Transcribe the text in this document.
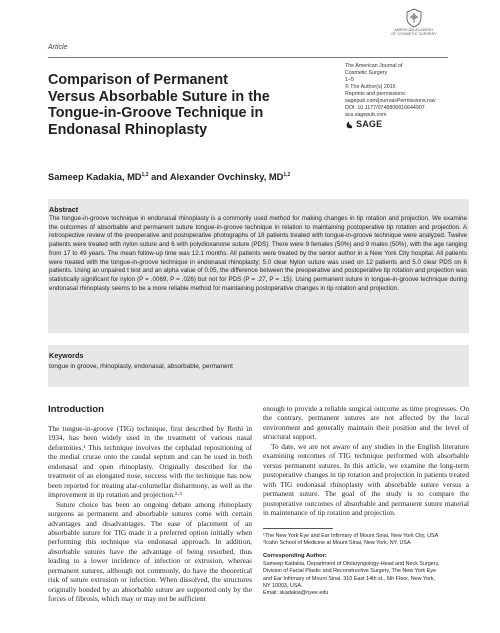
Article
AMERICAN ACADEMY
OF COSMETIC SURGERY
Comparison of Permanent Versus Absorbable Suture in the Tongue-in-Groove Technique in Endonasal Rhinoplasty
The American Journal of
Cosmetic Surgery
1–5
© The Author(s) 2016
Reprints and permissions:
sagepub.com/journalsPermissions.nav
DOI: 10.1177/0748806816644907
acs.sagepub.com
SAGE
Sameep Kadakia, MD$^{1,2}$ and Alexander Ovchinsky, MD$^{1,2}$
Abstract
The tongue-in-groove technique in endonasal rhinoplasty is a commonly used method for making changes in tip rotation and projection. We examine the outcomes of absorbable and permanent suture tongue-in-groove technique in relation to maintaining postoperative tip rotation and projection. A retrospective review of the preoperative and postoperative photographs of 18 patients treated with tongue-in-groove technique were analyzed. Twelve patients were treated with nylon suture and 6 with polydioxanone suture (PDS). There were 9 females (50%) and 9 males (50%), with the age ranging from 17 to 49 years. The mean follow-up time was 12.1 months. All patients were treated by the senior author in a New York City hospital. All patients were treated with the tongue-in-groove technique in endonasal rhinoplasty; 5.0 clear Nylon suture was used on 12 patients and 5.0 clear PDS on 6 patients. Using an unpaired t test and an alpha value of 0.05, the difference between the preoperative and postoperative tip rotation and projection was statistically significant for nylon (P = .0069, P = .026) but not for PDS (P = .27, P = .15). Using permanent suture in tongue-in-groove technique during endonasal rhinoplasty seems to be a more reliable method for maintaining postoperative changes in tip rotation and projection.
Keywords
tongue in groove, rhinoplasty, endonasal, absorbable, permanent
Introduction

The tongue-in-groove (TIG) technique, first described by Rethi in 1934, has been widely used in the treatment of various nasal deformities.¹ This technique involves the cephalad repositioning of the medial crurae onto the caudal septum and can be used in both endonasal and open rhinoplasty. Originally described for the treatment of an elongated nose, success with the technique has now been reported for treating alar-columellar disharmony, as well as the improvement in tip rotation and projection.²·³

Suture choice has been an ongoing debate among rhinoplasty surgeons as permanent and absorbable sutures come with certain advantages and disadvantages. The ease of placement of an absorbable suture for TIG made it a preferred option initially when performing this technique via endonasal approach. In addition, absorbable sutures have the advantage of being resorbed, thus leading to a lower incidence of infection or extrusion, whereas permanent sutures, although not commonly, do have the theoretical risk of suture extrusion or infection. When dissolved, the structures originally bonded by an absorbable suture are supported only by the forces of fibrosis, which may or may not be sufficient

enough to provide a reliable surgical outcome as time progresses. On the contrary, permanent sutures are not affected by the local environment and generally maintain their position and the level of structural support.

To date, we are not aware of any studies in the English literature examining outcomes of TIG technique performed with absorbable versus permanent sutures. In this article, we examine the long-term postoperative changes in tip rotation and projection in patients treated with TIG endonasal rhinoplasty with absorbable suture versus a permanent suture. The goal of the study is to compare the postoperative outcomes of absorbable and permanent suture material in maintenance of tip rotation and projection.

¹The New York Eye and Ear Infirmary of Mount Sinai, New York City, USA
²Icahn School of Medicine at Mount Sinai, New York, NY, USA
Corresponding Author:
Sameep Kadakia, Department of Otolaryngology-Head and Neck Surgery,
Division of Facial Plastic and Reconstructive Surgery, The New York Eye
and Ear Infirmary of Mount Sinai, 310 East 14th st., 6th Floor, New York,
NY 10003, USA.
Email: skadakia@nyee.edu
